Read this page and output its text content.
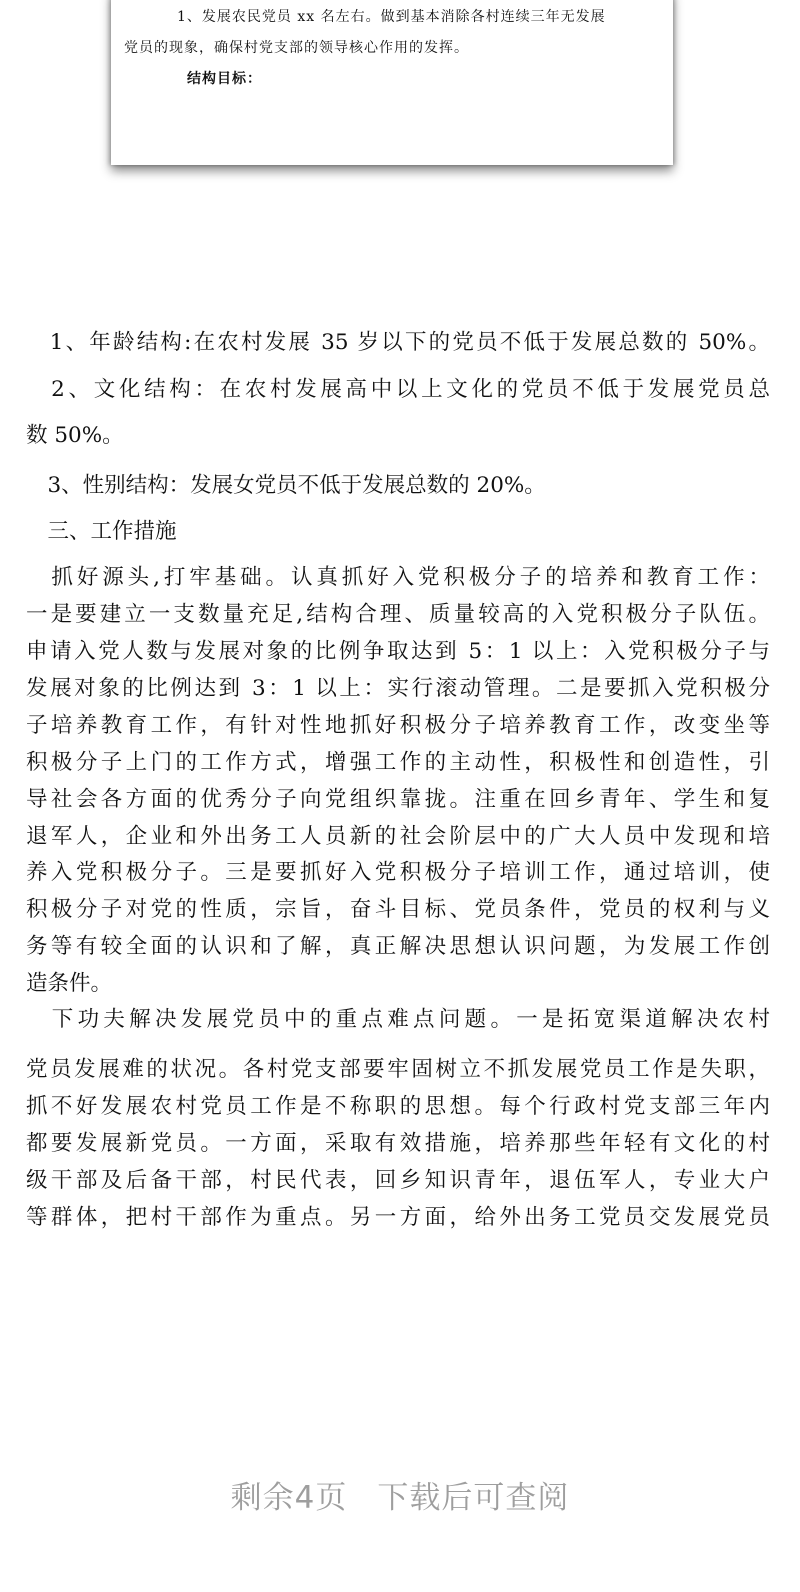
1、发展农民党员 xx 名左右。做到基本消除各村连续三年无发展
党员的现象，确保村党支部的领导核心作用的发挥。
结构目标：
　1、年龄结构:在农村发展 35 岁以下的党员不低于发展总数的 50%。
　2、文化结构：在农村发展高中以上文化的党员不低于发展党员总
数 50%。
　3、性别结构：发展女党员不低于发展总数的 20%。
　三、工作措施
　抓好源头,打牢基础。认真抓好入党积极分子的培养和教育工作：
一是要建立一支数量充足,结构合理、质量较高的入党积极分子队伍。
申请入党人数与发展对象的比例争取达到 5：1 以上：入党积极分子与
发展对象的比例达到 3：1 以上：实行滚动管理。二是要抓入党积极分
子培养教育工作，有针对性地抓好积极分子培养教育工作，改变坐等
积极分子上门的工作方式，增强工作的主动性，积极性和创造性，引
导社会各方面的优秀分子向党组织靠拢。注重在回乡青年、学生和复
退军人，企业和外出务工人员新的社会阶层中的广大人员中发现和培
养入党积极分子。三是要抓好入党积极分子培训工作，通过培训，使
积极分子对党的性质，宗旨，奋斗目标、党员条件，党员的权利与义
务等有较全面的认识和了解，真正解决思想认识问题，为发展工作创
造条件。
　下功夫解决发展党员中的重点难点问题。一是拓宽渠道解决农村
党员发展难的状况。各村党支部要牢固树立不抓发展党员工作是失职，
抓不好发展农村党员工作是不称职的思想。每个行政村党支部三年内
都要发展新党员。一方面，采取有效措施，培养那些年轻有文化的村
级干部及后备干部，村民代表，回乡知识青年，退伍军人，专业大户
等群体，把村干部作为重点。另一方面，给外出务工党员交发展党员
剩余4页 下载后可查阅
